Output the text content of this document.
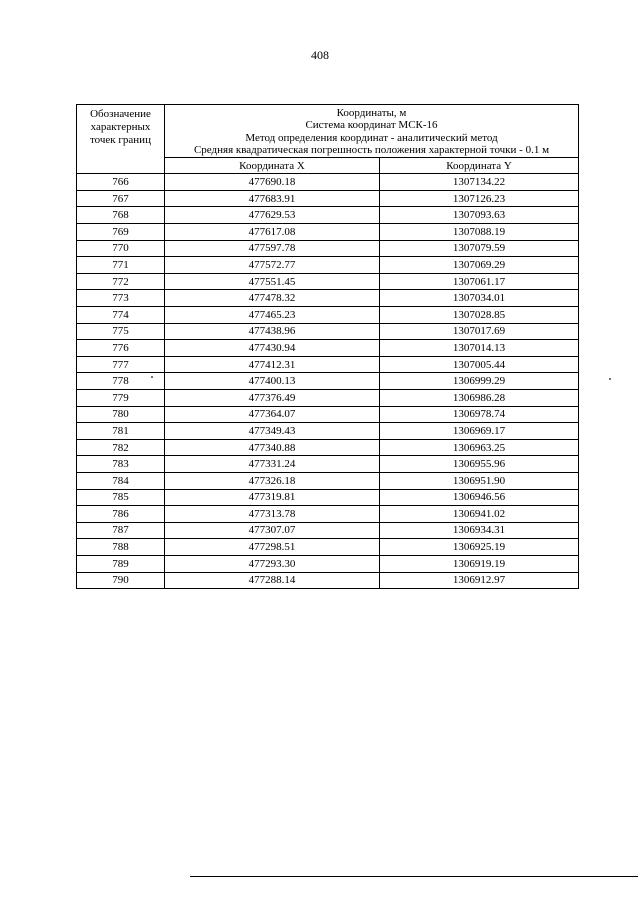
408
Обозначение характерных точек границ	Координаты, м
Система координат МСК-16
Метод определения координат - аналитический метод
Средняя квадратическая погрешность положения характерной точки - 0.1 м	

	Координата X	Координата Y
766	477690.18	1307134.22
767	477683.91	1307126.23
768	477629.53	1307093.63
769	477617.08	1307088.19
770	477597.78	1307079.59
771	477572.77	1307069.29
772	477551.45	1307061.17
773	477478.32	1307034.01
774	477465.23	1307028.85
775	477438.96	1307017.69
776	477430.94	1307014.13
777	477412.31	1307005.44
778	477400.13	1306999.29
779	477376.49	1306986.28
780	477364.07	1306978.74
781	477349.43	1306969.17
782	477340.88	1306963.25
783	477331.24	1306955.96
784	477326.18	1306951.90
785	477319.81	1306946.56
786	477313.78	1306941.02
787	477307.07	1306934.31
788	477298.51	1306925.19
789	477293.30	1306919.19
790	477288.14	1306912.97
